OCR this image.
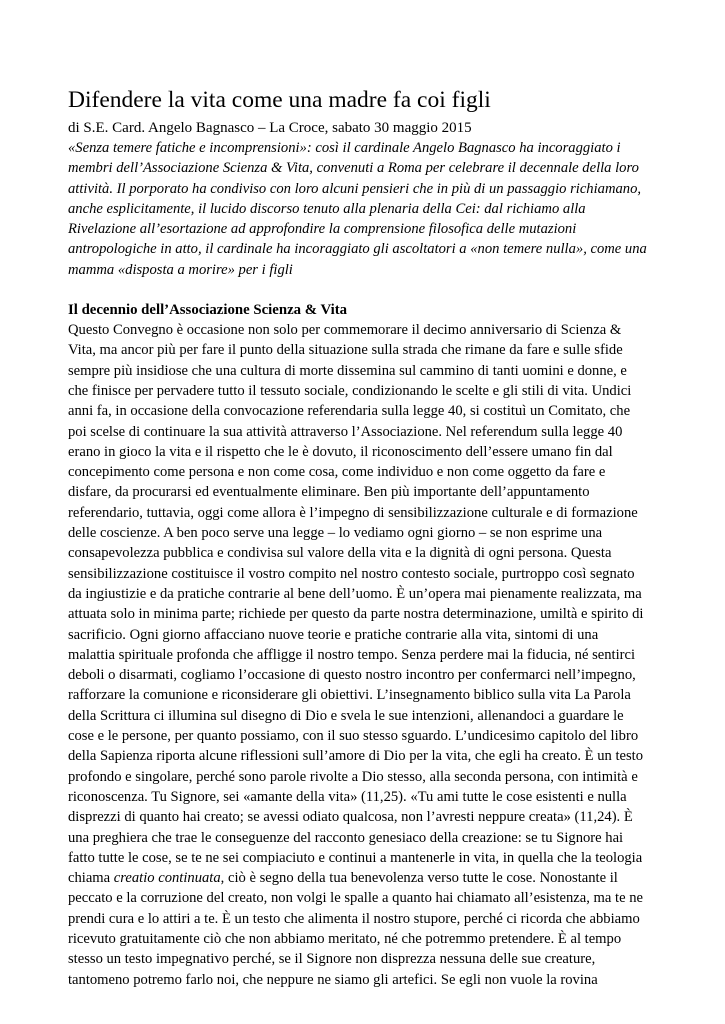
Difendere la vita come una madre fa coi figli

di S.E. Card. Angelo Bagnasco – La Croce, sabato 30 maggio 2015

«Senza temere fatiche e incomprensioni»: così il cardinale Angelo Bagnasco ha incoraggiato i
membri dell’Associazione Scienza & Vita, convenuti a Roma per celebrare il decennale della loro
attività. Il porporato ha condiviso con loro alcuni pensieri che in più di un passaggio richiamano,
anche esplicitamente, il lucido discorso tenuto alla plenaria della Cei: dal richiamo alla
Rivelazione all’esortazione ad approfondire la comprensione filosofica delle mutazioni
antropologiche in atto, il cardinale ha incoraggiato gli ascoltatori a «non temere nulla», come una
mamma «disposta a morire» per i figli

Il decennio dell’Associazione Scienza & Vita

Questo Convegno è occasione non solo per commemorare il decimo anniversario di Scienza &
Vita, ma ancor più per fare il punto della situazione sulla strada che rimane da fare e sulle sfide
sempre più insidiose che una cultura di morte dissemina sul cammino di tanti uomini e donne, e
che finisce per pervadere tutto il tessuto sociale, condizionando le scelte e gli stili di vita. Undici
anni fa, in occasione della convocazione referendaria sulla legge 40, si costituì un Comitato, che
poi scelse di continuare la sua attività attraverso l’Associazione. Nel referendum sulla legge 40
erano in gioco la vita e il rispetto che le è dovuto, il riconoscimento dell’essere umano fin dal
concepimento come persona e non come cosa, come individuo e non come oggetto da fare e
disfare, da procurarsi ed eventualmente eliminare. Ben più importante dell’appuntamento
referendario, tuttavia, oggi come allora è l’impegno di sensibilizzazione culturale e di formazione
delle coscienze. A ben poco serve una legge – lo vediamo ogni giorno – se non esprime una
consapevolezza pubblica e condivisa sul valore della vita e la dignità di ogni persona. Questa
sensibilizzazione costituisce il vostro compito nel nostro contesto sociale, purtroppo così segnato
da ingiustizie e da pratiche contrarie al bene dell’uomo. È un’opera mai pienamente realizzata, ma
attuata solo in minima parte; richiede per questo da parte nostra determinazione, umiltà e spirito di
sacrificio. Ogni giorno affacciano nuove teorie e pratiche contrarie alla vita, sintomi di una
malattia spirituale profonda che affligge il nostro tempo. Senza perdere mai la fiducia, né sentirci
deboli o disarmati, cogliamo l’occasione di questo nostro incontro per confermarci nell’impegno,
rafforzare la comunione e riconsiderare gli obiettivi. L’insegnamento biblico sulla vita La Parola
della Scrittura ci illumina sul disegno di Dio e svela le sue intenzioni, allenandoci a guardare le
cose e le persone, per quanto possiamo, con il suo stesso sguardo. L’undicesimo capitolo del libro
della Sapienza riporta alcune riflessioni sull’amore di Dio per la vita, che egli ha creato. È un testo
profondo e singolare, perché sono parole rivolte a Dio stesso, alla seconda persona, con intimità e
riconoscenza. Tu Signore, sei «amante della vita» (11,25). «Tu ami tutte le cose esistenti e nulla
disprezzi di quanto hai creato; se avessi odiato qualcosa, non l’avresti neppure creata» (11,24). È
una preghiera che trae le conseguenze del racconto genesiaco della creazione: se tu Signore hai
fatto tutte le cose, se te ne sei compiaciuto e continui a mantenerle in vita, in quella che la teologia
chiama creatio continuata, ciò è segno della tua benevolenza verso tutte le cose. Nonostante il
peccato e la corruzione del creato, non volgi le spalle a quanto hai chiamato all’esistenza, ma te ne
prendi cura e lo attiri a te. È un testo che alimenta il nostro stupore, perché ci ricorda che abbiamo
ricevuto gratuitamente ciò che non abbiamo meritato, né che potremmo pretendere. È al tempo
stesso un testo impegnativo perché, se il Signore non disprezza nessuna delle sue creature,
tantomeno potremo farlo noi, che neppure ne siamo gli artefici. Se egli non vuole la rovina
